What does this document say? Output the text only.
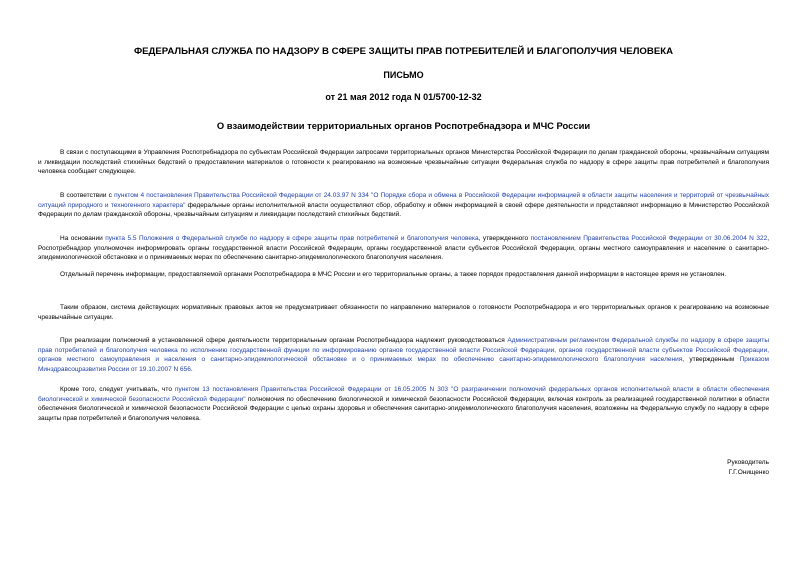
ФЕДЕРАЛЬНАЯ СЛУЖБА ПО НАДЗОРУ В СФЕРЕ ЗАЩИТЫ ПРАВ ПОТРЕБИТЕЛЕЙ И БЛАГОПОЛУЧИЯ ЧЕЛОВЕКА
ПИСЬМО
от 21 мая 2012 года N 01/5700-12-32
О взаимодействии территориальных органов Роспотребнадзора и МЧС России

В связи с поступающими в Управления Роспотребнадзора по субъектам Российской Федерации запросами территориальных органов Министерства Российской Федерации по делам гражданской обороны, чрезвычайным ситуациям и ликвидации последствий стихийных бедствий о предоставлении материалов о готовности к реагированию на возможные чрезвычайные ситуации Федеральная служба по надзору в сфере защиты прав потребителей и благополучия человека сообщает следующее.

В соответствии с пунктом 4 постановления Правительства Российской Федерации от 24.03.97 N 334 "О Порядке сбора и обмена в Российской Федерации информацией в области защиты населения и территорий от чрезвычайных ситуаций природного и техногенного характера" федеральные органы исполнительной власти осуществляют сбор, обработку и обмен информацией в своей сфере деятельности и представляют информацию в Министерство Российской Федерации по делам гражданской обороны, чрезвычайным ситуациям и ликвидации последствий стихийных бедствий.

На основании пункта 5.5 Положения о Федеральной службе по надзору в сфере защиты прав потребителей и благополучия человека, утвержденного постановлением Правительства Российской Федерации от 30.06.2004 N 322, Роспотребнадзор уполномочен информировать органы государственной власти Российской Федерации, органы государственной власти субъектов Российской Федерации, органы местного самоуправления и население о санитарно-эпидемиологической обстановке и о принимаемых мерах по обеспечению санитарно-эпидемиологического благополучия населения.

Отдельный перечень информации, предоставляемой органами Роспотребнадзора в МЧС России и его территориальные органы, а также порядок предоставления данной информации в настоящее время не установлен.

Таким образом, система действующих нормативных правовых актов не предусматривает обязанности по направлению материалов о готовности Роспотребнадзора и его территориальных органов к реагированию на возможные чрезвычайные ситуации.

При реализации полномочий в установленной сфере деятельности территориальным органам Роспотребнадзора надлежит руководствоваться Административным регламентом Федеральной службы по надзору в сфере защиты прав потребителей и благополучия человека по исполнению государственной функции по информированию органов государственной власти Российской Федерации, органов государственной власти субъектов Российской Федерации, органов местного самоуправления и населения о санитарно-эпидемиологической обстановке и о принимаемых мерах по обеспечению санитарно-эпидемиологического благополучия населения, утвержденным Приказом Минздравсоцразвития России от 19.10.2007 N 656.

Кроме того, следует учитывать, что пунктом 13 постановления Правительства Российской Федерации от 16.05.2005 N 303 "О разграничении полномочий федеральных органов исполнительной власти в области обеспечения биологической и химической безопасности Российской Федерации" полномочия по обеспечению биологической и химической безопасности Российской Федерации, включая контроль за реализацией государственной политики в области обеспечения биологической и химической безопасности Российской Федерации с целью охраны здоровья и обеспечения санитарно-эпидемиологического благополучия населения, возложены на Федеральную службу по надзору в сфере защиты прав потребителей и благополучия человека.

Руководитель
Г.Г.Онищенко
